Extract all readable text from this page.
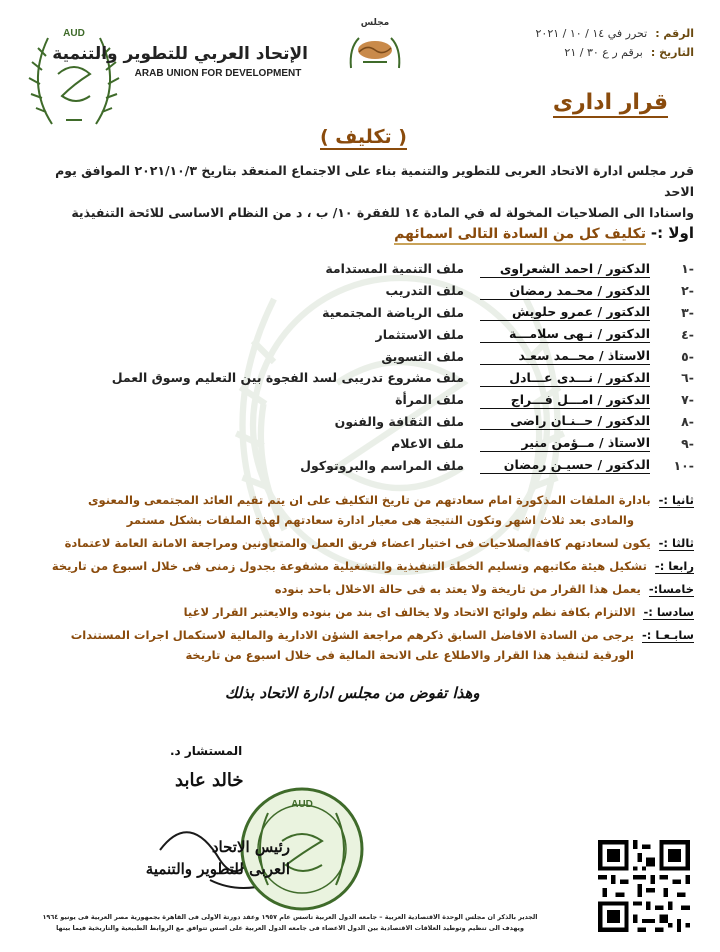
الرقم :
تحرر في ١٤ / ١٠ / ٢٠٢١
التاريخ :
برقم ر ع ٣٠ / ٢١
مجلس
AUD
الإتحاد العربي للتطوير والتنمية
ARAB UNION FOR DEVELOPMENT
قرار ادارى
( تكليف )
قرر مجلس ادارة الاتحاد العربى للتطوير والتنمية بناء على الاجتماع المنعقد بتاريخ ٢٠٢١/١٠/٣ الموافق يوم الاحد
واسنادا الى الصلاحيات المخولة له في المادة ١٤ للفقرة ١٠/ ب ، د من النظام الاساسى للائحة التنفيذية
اولا :- تكليف كل من السادة التالى اسمائهم
-١
الدكتور / احمد الشعراوى
ملف التنمية المستدامة
-٢
الدكتور / محـمد رمضان
ملف التدريب
-٣
الدكتور / عمرو حلويش
ملف الرياضة المجتمعية
-٤
الدكتور / نـهى سلامـــة
ملف الاستثمار
-٥
الاستاذ / محــمد سعـد
ملف التسويق
-٦
الدكتور / نـــدى عـــادل
ملف مشروع تدريبى لسد الفجوة بين التعليم وسوق العمل
-٧
الدكتور / امـــل فـــراج
ملف المرأة
-٨
الدكتور / حــنـان راضى
ملف الثقافة والفنون
-٩
الاستاذ / مــؤمن منير
ملف الاعلام
-١٠
الدكتور / حسيـن رمضان
ملف المراسم والبروتوكول
ثانيا :-بادارة الملفات المذكورة امام سعادتهم من تاريخ التكليف على ان يتم تقيم العائد المجتمعى والمعنوى
والمادى بعد ثلاث اشهر وتكون النتيجة هى معيار ادارة سعادتهم لهذة الملفات بشكل مستمر
ثالثا :-يكون لسعادتهم كافةالصلاحيات فى اختيار اعضاء فريق العمل والمتعاونين ومراجعة الامانة العامة لاعتمادة
رابعا :-تشكيل هيئة مكاتبهم وتسليم الخطة التنفيذية والتشغيلية مشفوعة بجدول زمنى فى خلال اسبوع من تاريخة
خامسا:-يعمل هذا القرار من تاريخة ولا يعتد به فى حالة الاخلال باحد بنوده
سادسا :-الالتزام بكافة نظم ولوائح الاتحاد ولا يخالف اى بند من بنوده والايعتبر القرار لاغيا
سابـعـا :-يرجى من السادة الافاضل السابق ذكرهم مراجعة الشؤن الادارية والمالية لاستكمال اجرات المستندات
الورقية لتنفيذ هذا القرار والاطلاع على الانحة المالية فى خلال اسبوع من تاريخة
وهذا تفوض من مجلس ادارة الاتحاد بذلك
المستشار د.
خالد عابد
AUD
رئيس الاتحاد
العربى للتطوير والتنمية
الجدير بالذكر ان مجلس الوحدة الاقتصادية العربية – جامعه الدول العربية تاسس عام ١٩٥٧ وعقد دورتة الاولى فى القاهرة بجمهورية مصر العربية فى يونيو ١٩٦٤
ويهدف الى تنظيم وتوطيد العلاقات الاقتصادية بين الدول الاعضاء فى جامعه الدول العربية على اسس تتوافق مع الروابط الطبيعية والتاريخية فيما بينها
